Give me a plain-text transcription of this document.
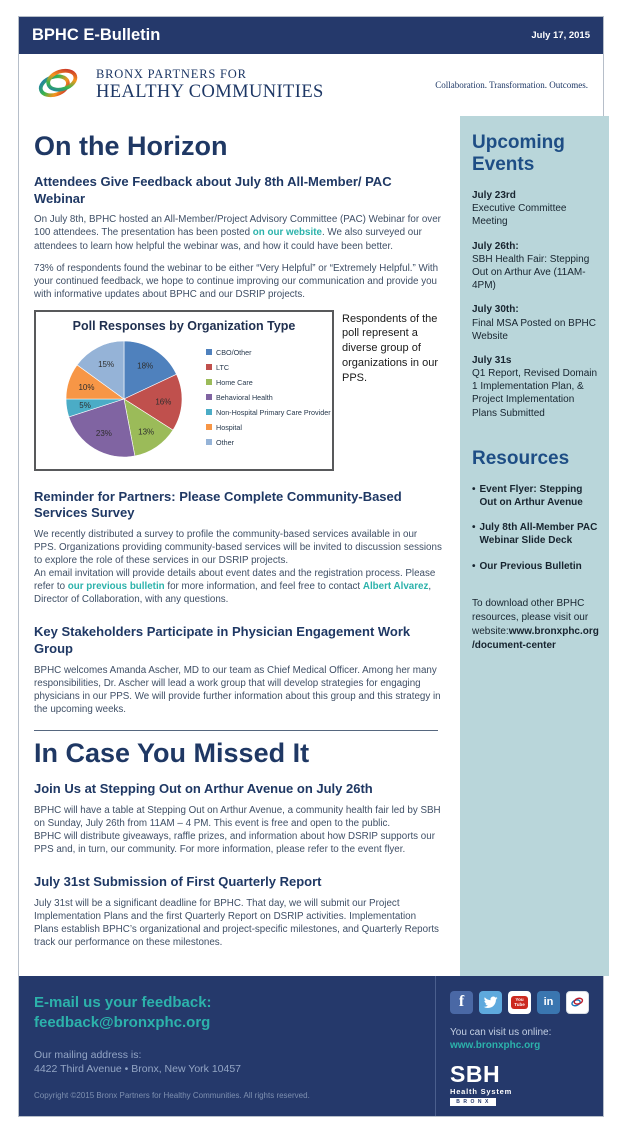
BPHC E-Bulletin	July 17, 2015
BRONX PARTNERS FOR
HEALTHY COMMUNITIES	Collaboration. Transformation. Outcomes.
On the Horizon
Attendees Give Feedback about July 8th All-Member/ PAC Webinar

On July 8th, BPHC hosted an All-Member/Project Advisory Committee (PAC) Webinar for over 100 attendees. The presentation has been posted on our website. We also surveyed our attendees to learn how helpful the webinar was, and how it could have been better.

73% of respondents found the webinar to be either “Very Helpful” or “Extremely Helpful.” With your continued feedback, we hope to continue improving our communication and provide you with informative updates about BPHC and our DSRIP projects.

Poll Responses by Organization Type
18%
16%
13%
23%
5%
10%
15%
CBO/Other
LTC
Home Care
Behavioral Health
Non-Hospital Primary Care Provider
Hospital
Other
Respondents of the poll represent a diverse group of organizations in our PPS.
Reminder for Partners: Please Complete Community-Based Services Survey

We recently distributed a survey to profile the community-based services available in our PPS. Organizations providing community-based services will be invited to discussion sessions to explore the role of these services in our DSRIP projects.
An email invitation will provide details about event dates and the registration process. Please refer to our previous bulletin for more information, and feel free to contact Albert Alvarez, Director of Collaboration, with any questions.

Key Stakeholders Participate in Physician Engagement Work Group

BPHC welcomes Amanda Ascher, MD to our team as Chief Medical Officer. Among her many responsibilities, Dr. Ascher will lead a work group that will develop strategies for engaging physicians in our PPS. We will provide further information about this group and this strategy in the upcoming weeks.

In Case You Missed It
Join Us at Stepping Out on Arthur Avenue on July 26th

BPHC will have a table at Stepping Out on Arthur Avenue, a community health fair led by SBH on Sunday, July 26th from 11AM – 4 PM. This event is free and open to the public.
BPHC will distribute giveaways, raffle prizes, and information about how DSRIP supports our PPS and, in turn, our community. For more information, please refer to the event flyer.

July 31st Submission of First Quarterly Report

July 31st will be a significant deadline for BPHC. That day, we will submit our Project Implementation Plans and the first Quarterly Report on DSRIP activities. Implementation Plans establish BPHC’s organizational and project-specific milestones, and Quarterly Reports track our performance on these milestones.

Upcoming Events
July 23rd
Executive Committee Meeting
July 26th:
SBH Health Fair: Stepping Out on Arthur Ave (11AM-4PM)
July 30th:
Final MSA Posted on BPHC Website
July 31s
Q1 Report, Revised Domain 1 Implementation Plan, & Project Implementation Plans Submitted
Resources
• Event Flyer: Stepping Out on Arthur Avenue
• July 8th All-Member PAC Webinar Slide Deck
• Our Previous Bulletin
To download other BPHC resources, please visit our website:www.bronxphc.org /document-center
E-mail us your feedback:
feedback@bronxphc.org
Our mailing address is:
4422 Third Avenue • Bronx, New York 10457
Copyright ©2015 Bronx Partners for Healthy Communities. All rights reserved.
f	You
Tube	in
You can visit us online:
www.bronxphc.org
SBH
Health System
BRONX
